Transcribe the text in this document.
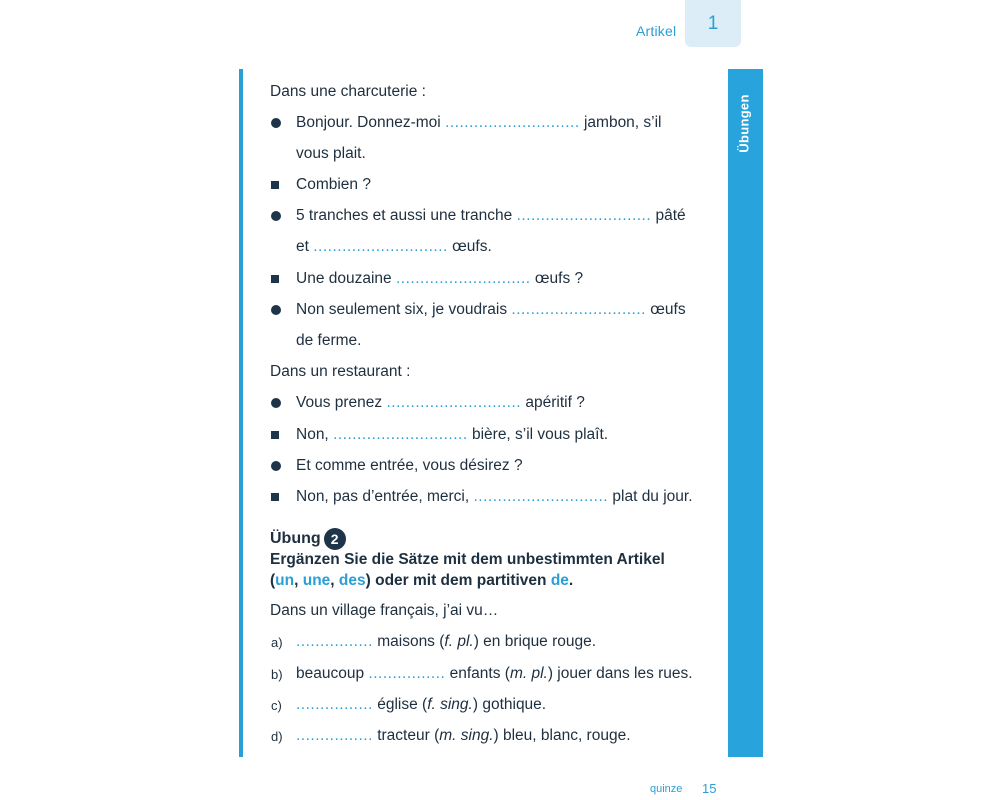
Artikel 1
Übungen
Dans une charcuterie :
Bonjour. Donnez-moi ............................ jambon, s’il
vous plait.
Combien ?
5 tranches et aussi une tranche ............................ pâté
et ............................ œufs.
Une douzaine ............................ œufs ?
Non seulement six, je voudrais ............................ œufs
de ferme.
Dans un restaurant :
Vous prenez ............................ apéritif ?
Non, ............................ bière, s’il vous plaît.
Et comme entrée, vous désirez ?
Non, pas d’entrée, merci, ............................ plat du jour.
Übung 2
Ergänzen Sie die Sätze mit dem unbestimmten Artikel
(un, une, des) oder mit dem partitiven de.
Dans un village français, j’ai vu…
a) ................ maisons (f. pl.) en brique rouge.
b) beaucoup ................ enfants (m. pl.) jouer dans les rues.
c) ................ église (f. sing.) gothique.
d) ................ tracteur (m. sing.) bleu, blanc, rouge.
quinze 15
